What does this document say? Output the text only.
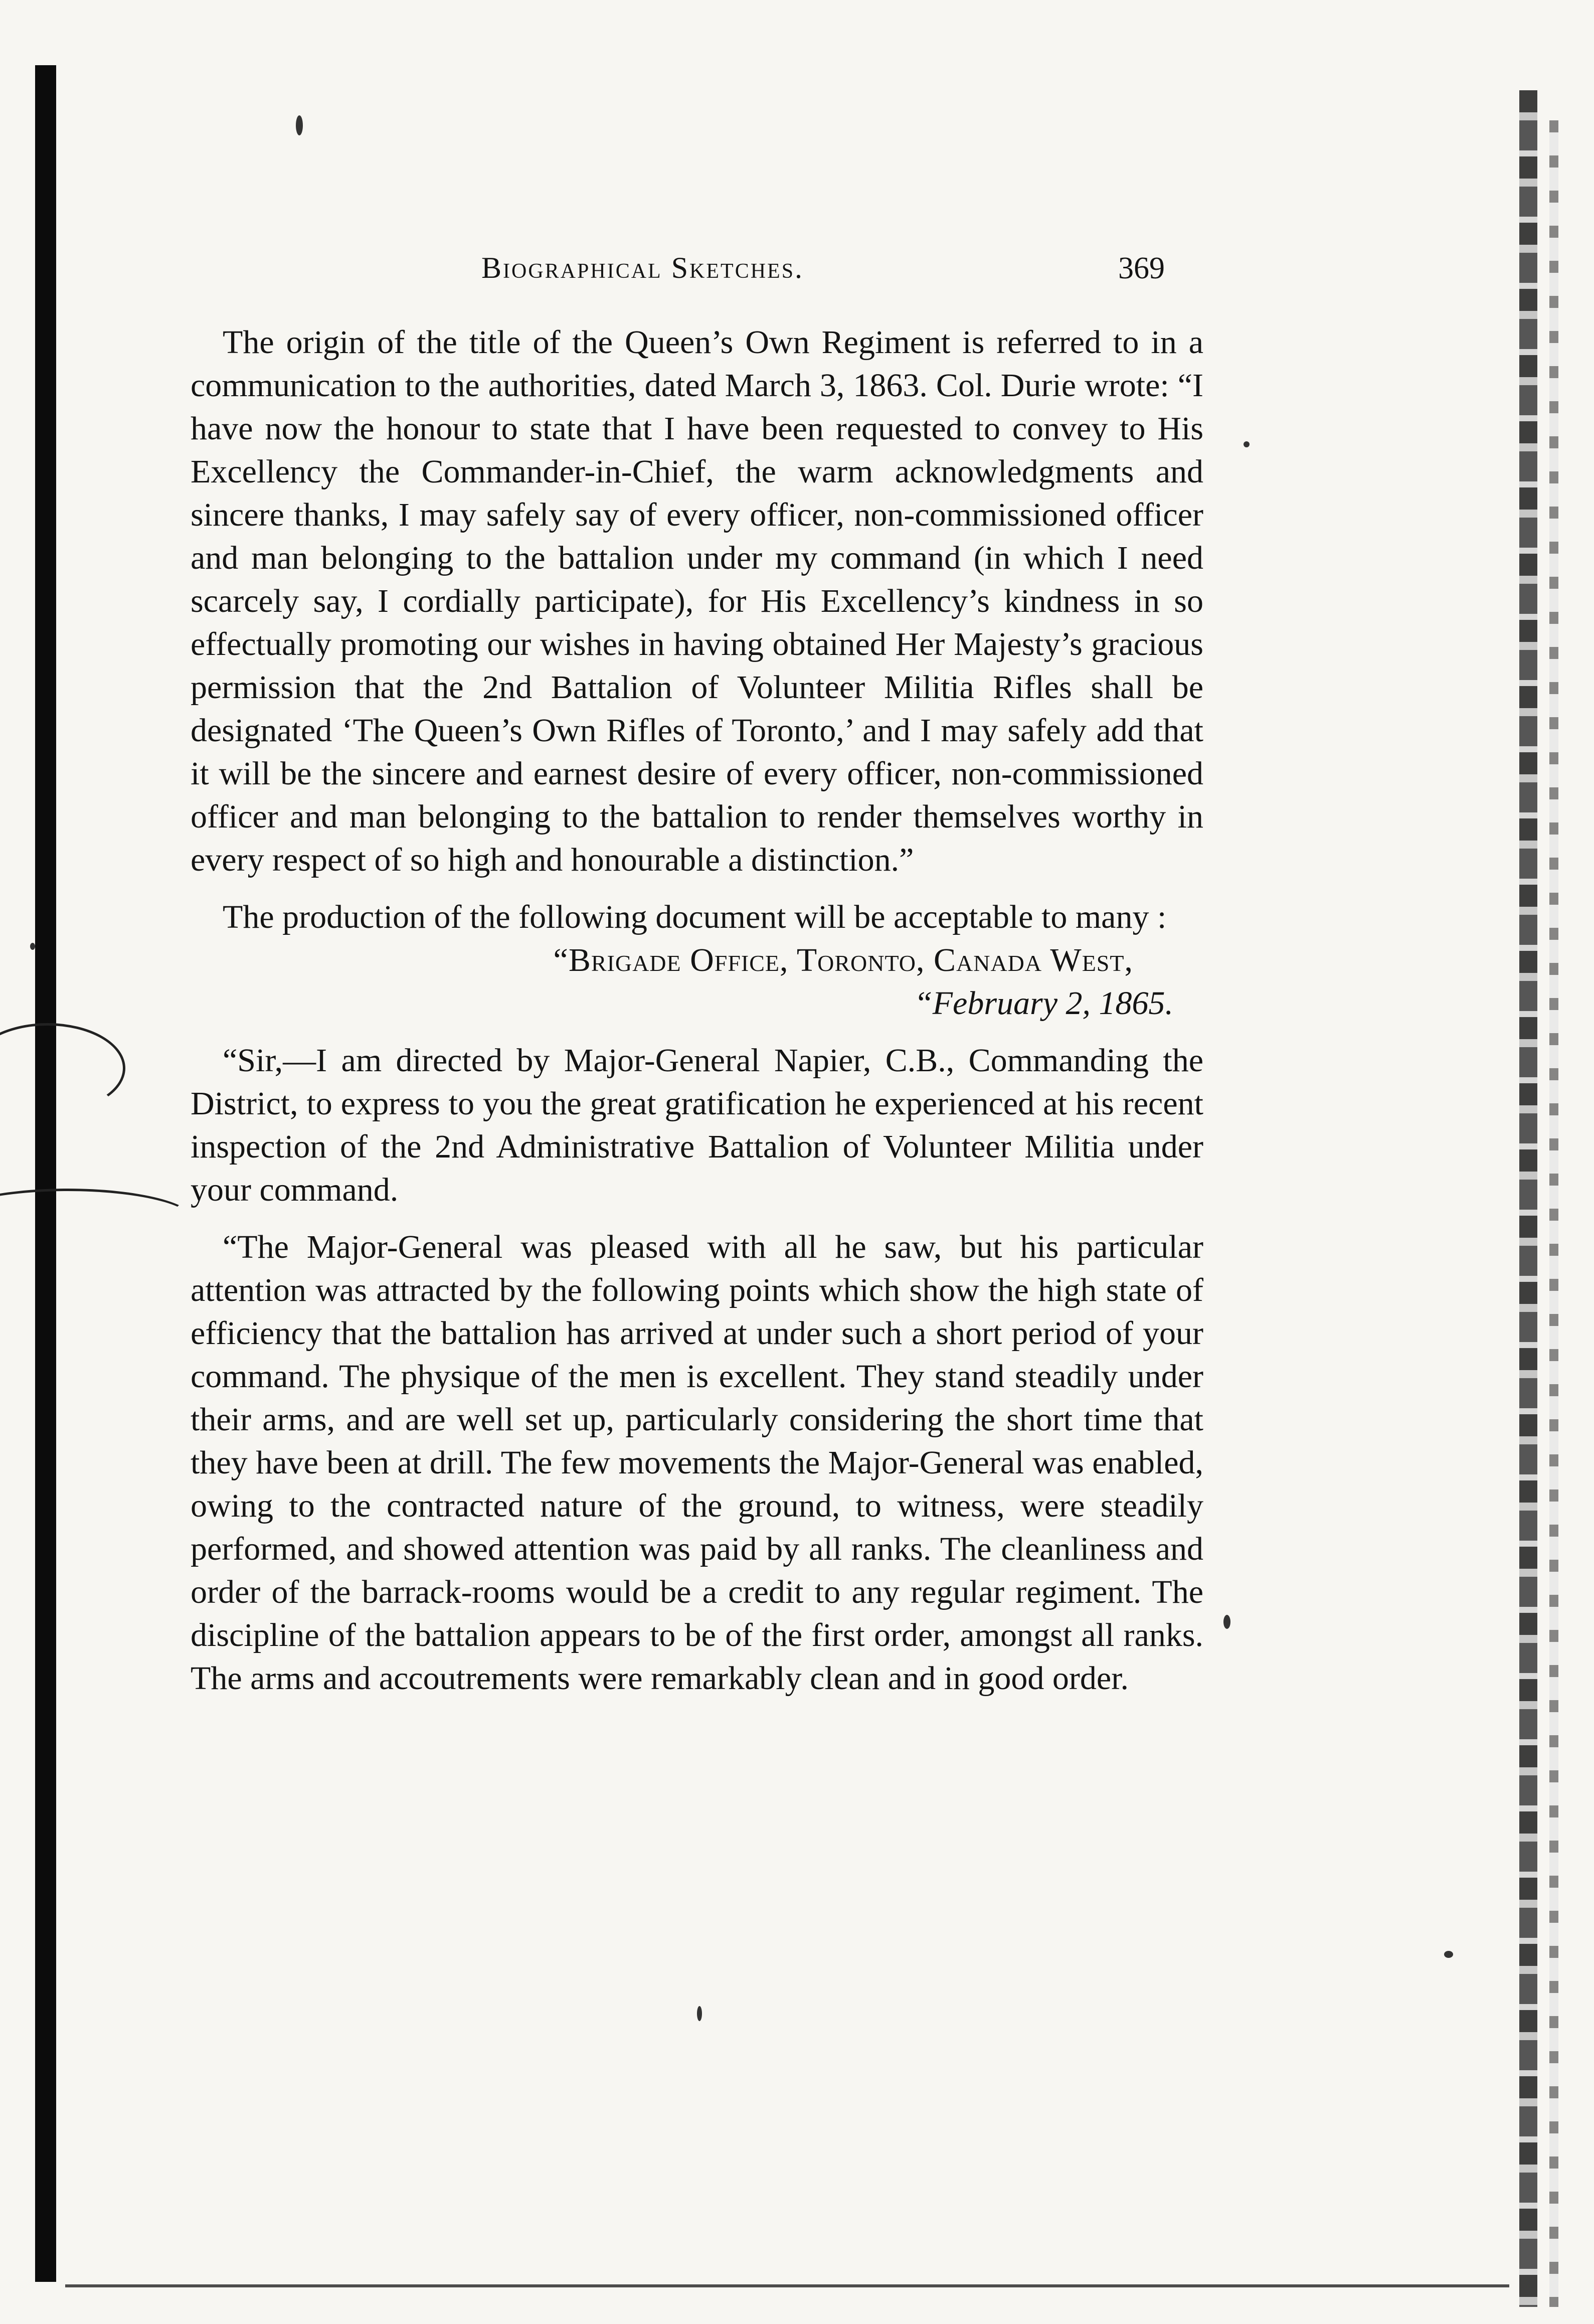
Biographical Sketches.	369

The origin of the title of the Queen’s Own Regiment is referred to in a communication to the authorities, dated March 3, 1863. Col. Durie wrote: “I have now the honour to state that I have been requested to convey to His Excellency the Commander-in-Chief, the warm acknowledgments and sincere thanks, I may safely say of every officer, non-commissioned officer and man belonging to the battalion under my command (in which I need scarcely say, I cordially participate), for His Excellency’s kindness in so effectually promoting our wishes in having obtained Her Majesty’s gracious permission that the 2nd Battalion of Volunteer Militia Rifles shall be designated ‘The Queen’s Own Rifles of Toronto,’ and I may safely add that it will be the sincere and earnest desire of every officer, non-commissioned officer and man belonging to the battalion to render themselves worthy in every respect of so high and honourable a distinction.”

The production of the following document will be acceptable to many :

“Brigade Office, Toronto, Canada West,

“February 2, 1865.

“Sir,—I am directed by Major-General Napier, C.B., Commanding the District, to express to you the great gratification he experienced at his recent inspection of the 2nd Administrative Battalion of Volunteer Militia under your command.

“The Major-General was pleased with all he saw, but his particular attention was attracted by the following points which show the high state of efficiency that the battalion has arrived at under such a short period of your command. The physique of the men is excellent. They stand steadily under their arms, and are well set up, particularly considering the short time that they have been at drill. The few movements the Major-General was enabled, owing to the contracted nature of the ground, to witness, were steadily performed, and showed attention was paid by all ranks. The cleanliness and order of the barrack-rooms would be a credit to any regular regiment. The discipline of the battalion appears to be of the first order, amongst all ranks. The arms and accoutrements were remarkably clean and in good order.
